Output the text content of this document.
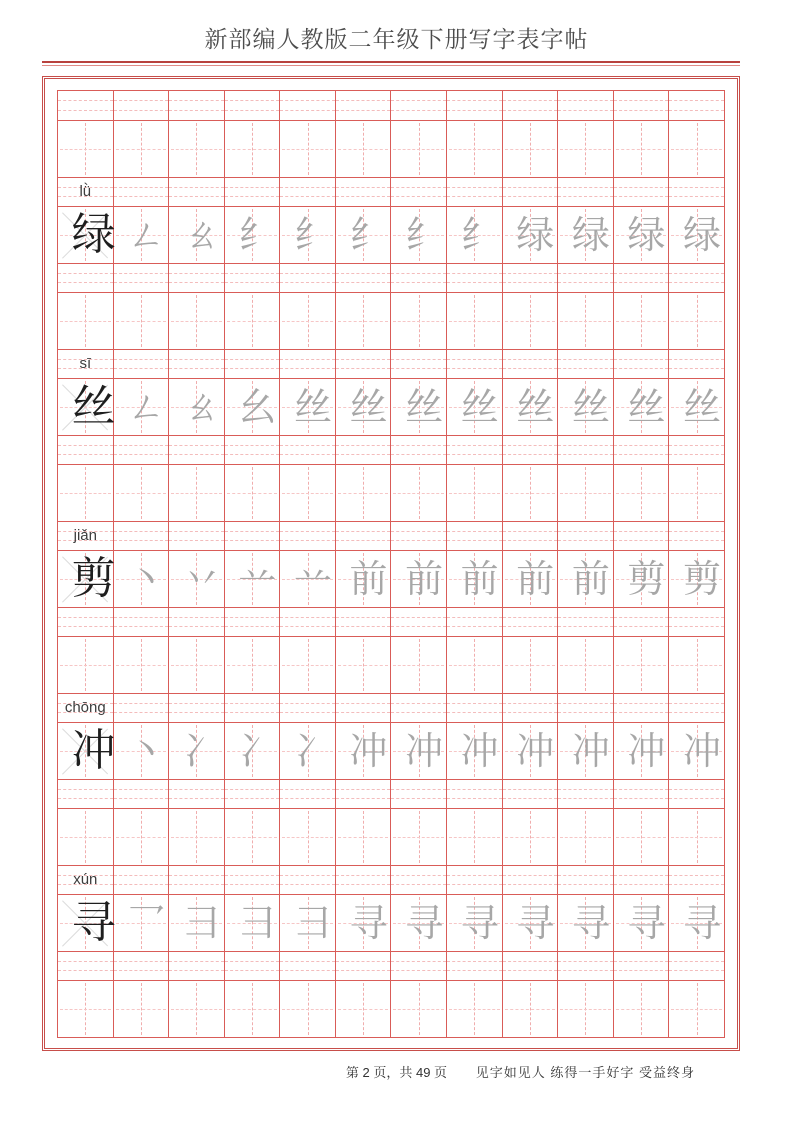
新部编人教版二年级下册写字表字帖
lǜ
绿 ㄥ ㄠ 纟 纟 纟 纟 纟 绿 绿 绿 绿
sī
丝 ㄥ ㄠ 幺 丝 丝 丝 丝 丝 丝 丝 丝
jiǎn
剪 丶 丷 䒑 䒑 前 前 前 前 前 剪 剪
chōng
冲 丶 冫 冫 冫 冲 冲 冲 冲 冲 冲 冲
xún
寻 乛 彐 彐 彐 寻 寻 寻 寻 寻 寻 寻
第 2 页，共 49 页	见字如见人 练得一手好字 受益终身
